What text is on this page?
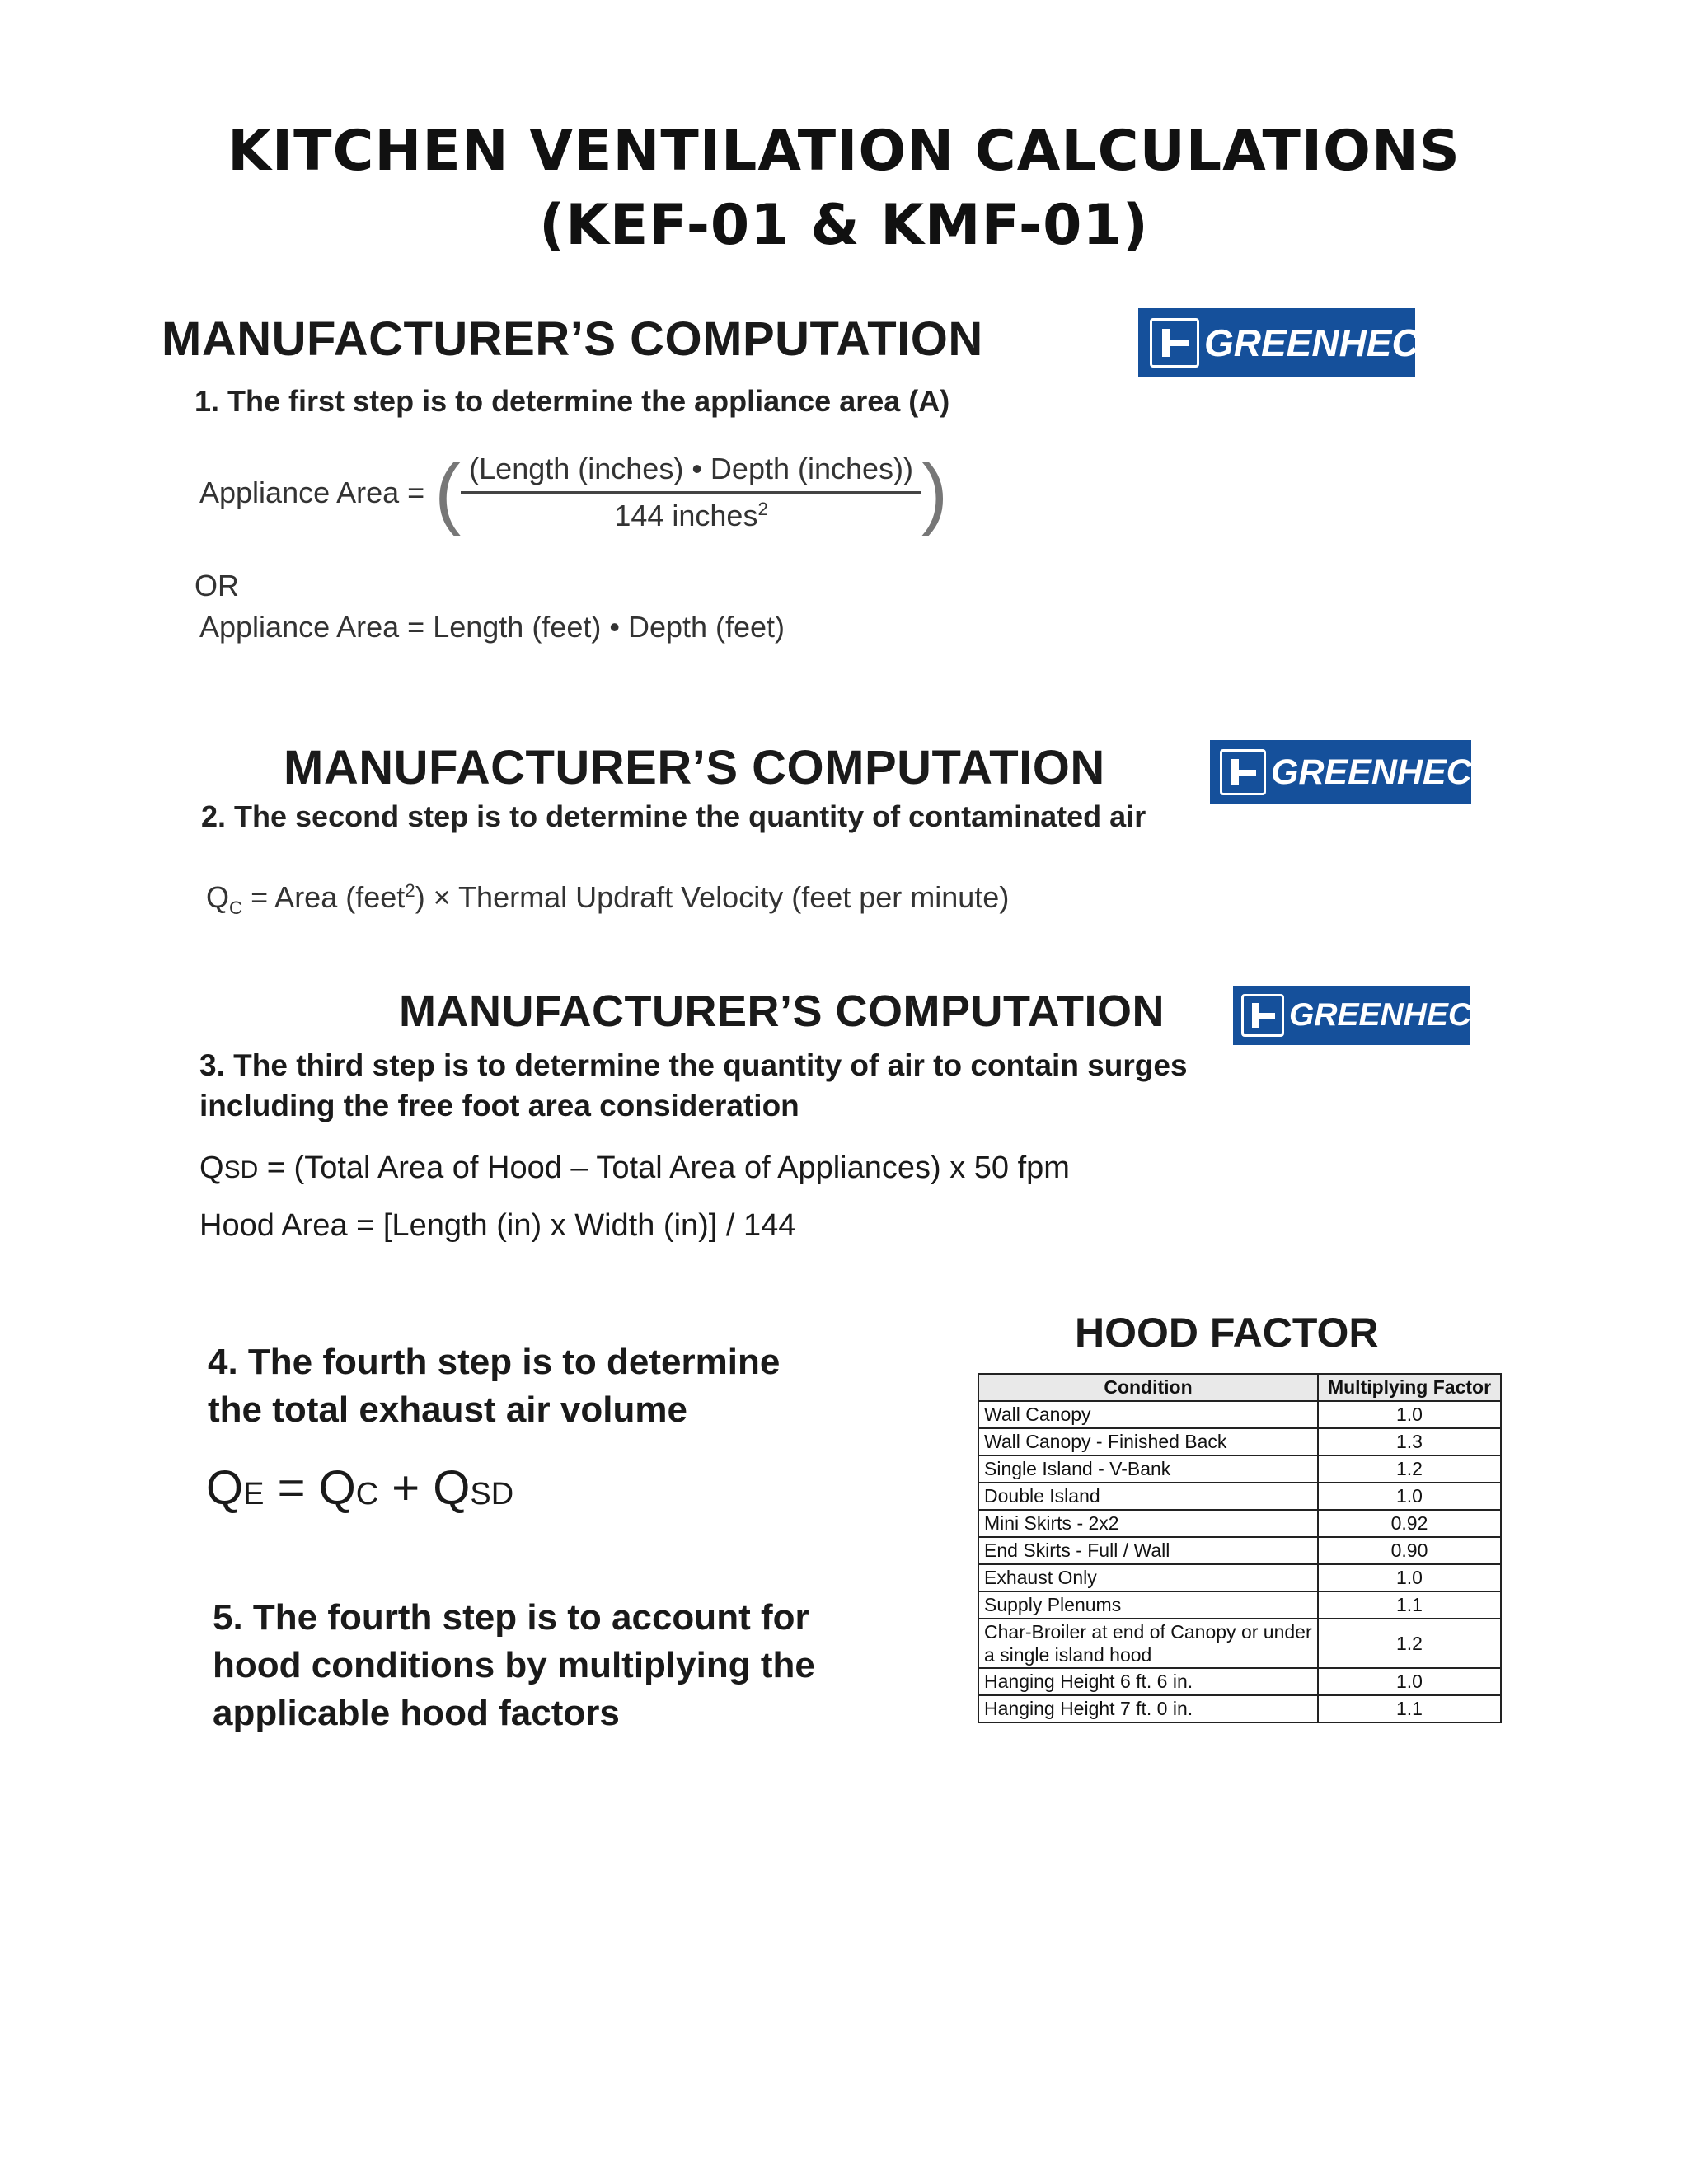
KITCHEN VENTILATION CALCULATIONS
(KEF-01 & KMF-01)
MANUFACTURER’S COMPUTATION	GREENHECK
1. The first step is to determine the appliance area (A)
Appliance Area = ( $\frac{\text{(Length (inches) • Depth (inches))}}{144 inches^2}$ )
OR
Appliance Area = Length (feet) • Depth (feet)
MANUFACTURER’S COMPUTATION	GREENHECK
2. The second step is to determine the quantity of contaminated air
$Q_C$ = Area (feet$^2$) × Thermal Updraft Velocity (feet per minute)
MANUFACTURER’S COMPUTATION	GREENHECK
3. The third step is to determine the quantity of air to contain surges
including the free foot area consideration
QSD = (Total Area of Hood – Total Area of Appliances) x 50 fpm
Hood Area = [Length (in) x Width (in)] / 144
4. The fourth step is to determine
the total exhaust air volume
QE = QC + QSD
5. The fourth step is to account for
hood conditions by multiplying the
applicable hood factors
HOOD FACTOR
Condition	Multiplying Factor
Wall Canopy	1.0
Wall Canopy - Finished Back	1.3
Single Island - V-Bank	1.2
Double Island	1.0
Mini Skirts - 2x2	0.92
End Skirts - Full / Wall	0.90
Exhaust Only	1.0
Supply Plenums	1.1
Char-Broiler at end of Canopy or under a single island hood	1.2
Hanging Height 6 ft. 6 in.	1.0
Hanging Height 7 ft. 0 in.	1.1
